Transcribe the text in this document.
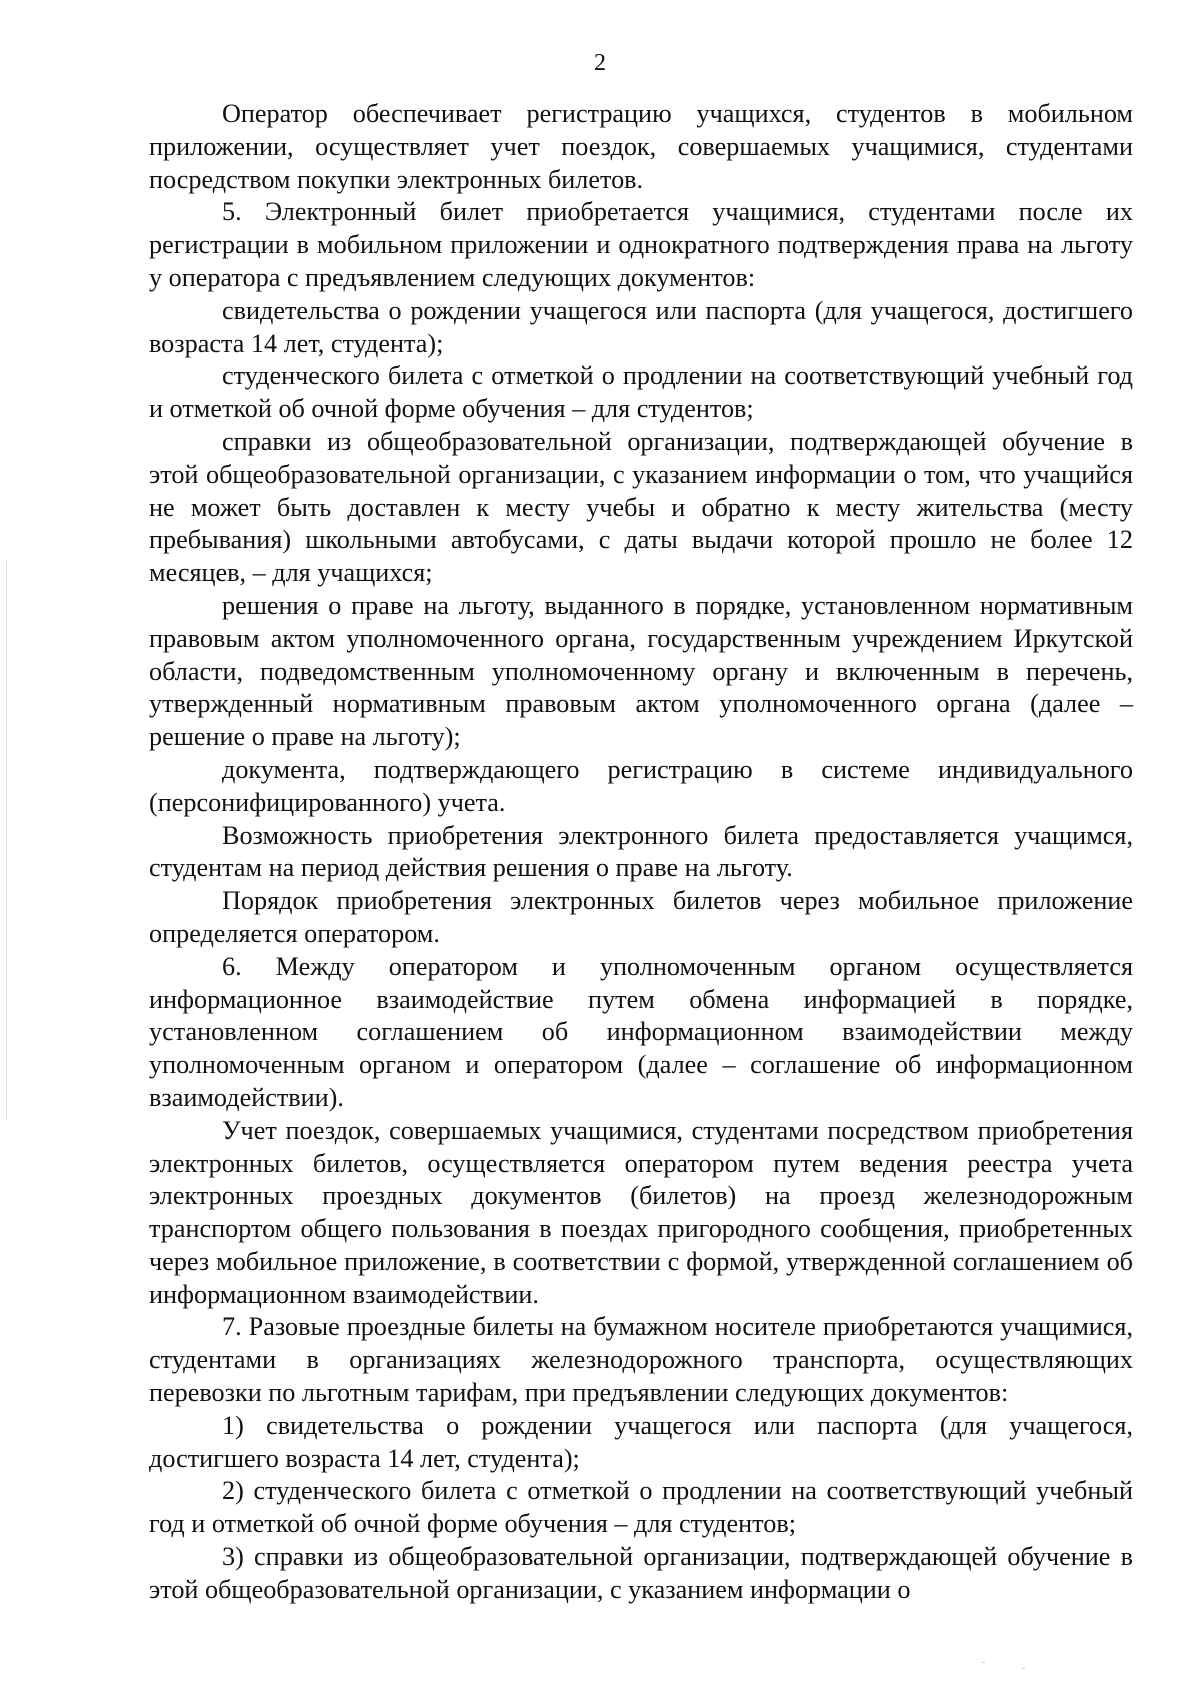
2

Оператор обеспечивает регистрацию учащихся, студентов в мобильном приложении, осуществляет учет поездок, совершаемых учащимися, студентами посредством покупки электронных билетов.

5. Электронный билет приобретается учащимися, студентами после их регистрации в мобильном приложении и однократного подтверждения права на льготу у оператора с предъявлением следующих документов:

свидетельства о рождении учащегося или паспорта (для учащегося, достигшего возраста 14 лет, студента);

студенческого билета с отметкой о продлении на соответствующий учебный год и отметкой об очной форме обучения – для студентов;

справки из общеобразовательной организации, подтверждающей обучение в этой общеобразовательной организации, с указанием информации о том, что учащийся не может быть доставлен к месту учебы и обратно к месту жительства (месту пребывания) школьными автобусами, с даты выдачи которой прошло не более 12 месяцев, – для учащихся;

решения о праве на льготу, выданного в порядке, установленном нормативным правовым актом уполномоченного органа, государственным учреждением Иркутской области, подведомственным уполномоченному органу и включенным в перечень, утвержденный нормативным правовым актом уполномоченного органа (далее – решение о праве на льготу);

документа, подтверждающего регистрацию в системе индивидуального (персонифицированного) учета.

Возможность приобретения электронного билета предоставляется учащимся, студентам на период действия решения о праве на льготу.

Порядок приобретения электронных билетов через мобильное приложение определяется оператором.

6. Между оператором и уполномоченным органом осуществляется информационное взаимодействие путем обмена информацией в порядке, установленном соглашением об информационном взаимодействии между уполномоченным органом и оператором (далее – соглашение об информационном взаимодействии).

Учет поездок, совершаемых учащимися, студентами посредством приобретения электронных билетов, осуществляется оператором путем ведения реестра учета электронных проездных документов (билетов) на проезд железнодорожным транспортом общего пользования в поездах пригородного сообщения, приобретенных через мобильное приложение, в соответствии с формой, утвержденной соглашением об информационном взаимодействии.

7. Разовые проездные билеты на бумажном носителе приобретаются учащимися, студентами в организациях железнодорожного транспорта, осуществляющих перевозки по льготным тарифам, при предъявлении следующих документов:

1) свидетельства о рождении учащегося или паспорта (для учащегося, достигшего возраста 14 лет, студента);

2) студенческого билета с отметкой о продлении на соответствующий учебный год и отметкой об очной форме обучения – для студентов;

3) справки из общеобразовательной организации, подтверждающей обучение в этой общеобразовательной организации, с указанием информации о
